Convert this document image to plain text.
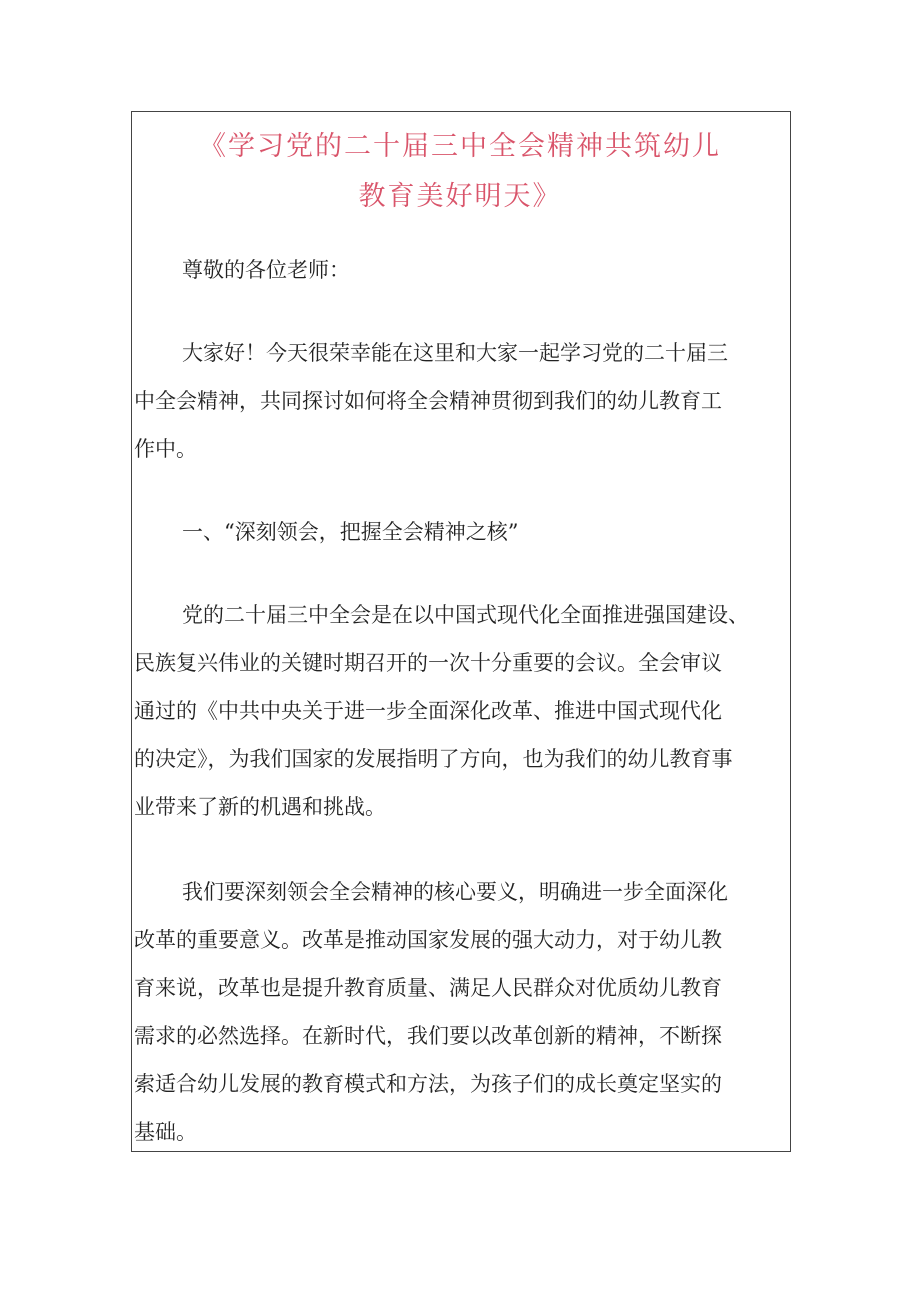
《学习党的二十届三中全会精神共筑幼儿
教育美好明天》
尊敬的各位老师：
大家好！今天很荣幸能在这里和大家一起学习党的二十届三
中全会精神，共同探讨如何将全会精神贯彻到我们的幼儿教育工
作中。
一、“深刻领会，把握全会精神之核”
党的二十届三中全会是在以中国式现代化全面推进强国建设、
民族复兴伟业的关键时期召开的一次十分重要的会议。全会审议
通过的《中共中央关于进一步全面深化改革、推进中国式现代化
的决定》，为我们国家的发展指明了方向，也为我们的幼儿教育事
业带来了新的机遇和挑战。
我们要深刻领会全会精神的核心要义，明确进一步全面深化
改革的重要意义。改革是推动国家发展的强大动力，对于幼儿教
育来说，改革也是提升教育质量、满足人民群众对优质幼儿教育
需求的必然选择。在新时代，我们要以改革创新的精神，不断探
索适合幼儿发展的教育模式和方法，为孩子们的成长奠定坚实的
基础。
